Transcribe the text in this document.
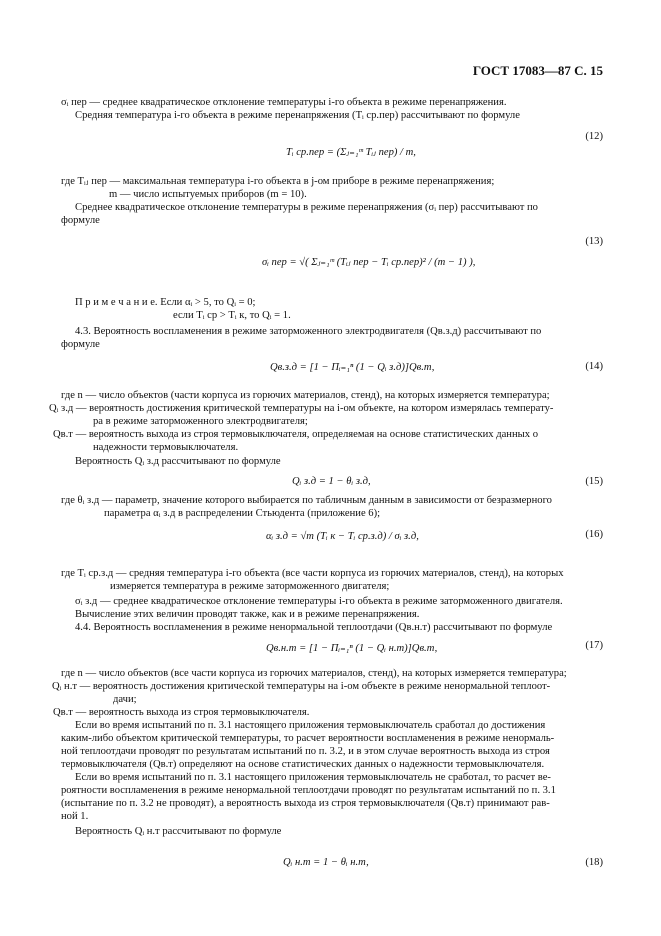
ГОСТ 17083—87 С. 15
σᵢ пер — среднее квадратическое отклонение температуры i-го объекта в режиме перенапряжения.
Средняя температура i-го объекта в режиме перенапряжения (Tᵢ ср.пер) рассчитывают по формуле
Tᵢ ср.пер = (Σⱼ₌₁ᵐ Tᵢⱼ пер) / m,
(12)
где Tᵢⱼ пер — максимальная температура i-го объекта в j-ом приборе в режиме перенапряжения;
m — число испытуемых приборов (m = 10).
Среднее квадратическое отклонение температуры в режиме перенапряжения (σᵢ пер) рассчитывают по
формуле
σᵢ пер = √( Σⱼ₌₁ᵐ (Tᵢⱼ пер − Tᵢ ср.пер)² / (m − 1) ),
(13)
П р и м е ч а н и е. Если αᵢ > 5, то Qᵢ = 0;
если Tᵢ ср > Tᵢ к, то Qᵢ = 1.
4.3. Вероятность воспламенения в режиме заторможенного электродвигателя (Qв.з.д) рассчитывают по
формуле
Qв.з.д = [1 − Πᵢ₌₁ⁿ (1 − Qᵢ з.д)]Qв.т,	(14)
где n — число объектов (части корпуса из горючих материалов, стенд), на которых измеряется температура;
Qᵢ з.д — вероятность достижения критической температуры на i-ом объекте, на котором измерялась температу-
ра в режиме заторможенного электродвигателя;
Qв.т — вероятность выхода из строя термовыключателя, определяемая на основе статистических данных о
надежности термовыключателя.
Вероятность Qᵢ з.д рассчитывают по формуле
Qᵢ з.д = 1 − θᵢ з.д,	(15)
где θᵢ з.д — параметр, значение которого выбирается по табличным данным в зависимости от безразмерного
параметра αᵢ з.д в распределении Стьюдента (приложение 6);
αᵢ з.д = √m (Tᵢ к − Tᵢ ср.з.д) / σᵢ з.д,	(16)
где Tᵢ ср.з.д — средняя температура i-го объекта (все части корпуса из горючих материалов, стенд), на которых
измеряется температура в режиме заторможенного двигателя;
σᵢ з.д — среднее квадратическое отклонение температуры i-го объекта в режиме заторможенного двигателя.
Вычисление этих величин проводят также, как и в режиме перенапряжения.
4.4. Вероятность воспламенения в режиме ненормальной теплоотдачи (Qв.н.т) рассчитывают по формуле
Qв.н.т = [1 − Πᵢ₌₁ⁿ (1 − Qᵢ н.т)]Qв.т,	(17)
где n — число объектов (все части корпуса из горючих материалов, стенд), на которых измеряется температура;
Qᵢ н.т — вероятность достижения критической температуры на i-ом объекте в режиме ненормальной теплоот-
дачи;
Qв.т — вероятность выхода из строя термовыключателя.
Если во время испытаний по п. 3.1 настоящего приложения термовыключатель сработал до достижения
каким-либо объектом критической температуры, то расчет вероятности воспламенения в режиме ненормаль-
ной теплоотдачи проводят по результатам испытаний по п. 3.2, и в этом случае вероятность выхода из строя
термовыключателя (Qв.т) определяют на основе статистических данных о надежности термовыключателя.
Если во время испытаний по п. 3.1 настоящего приложения термовыключатель не сработал, то расчет ве-
роятности воспламенения в режиме ненормальной теплоотдачи проводят по результатам испытаний по п. 3.1
(испытание по п. 3.2 не проводят), а вероятность выхода из строя термовыключателя (Qв.т) принимают рав-
ной 1.
Вероятность Qᵢ н.т рассчитывают по формуле
Qᵢ н.т = 1 − θᵢ н.т,	(18)
